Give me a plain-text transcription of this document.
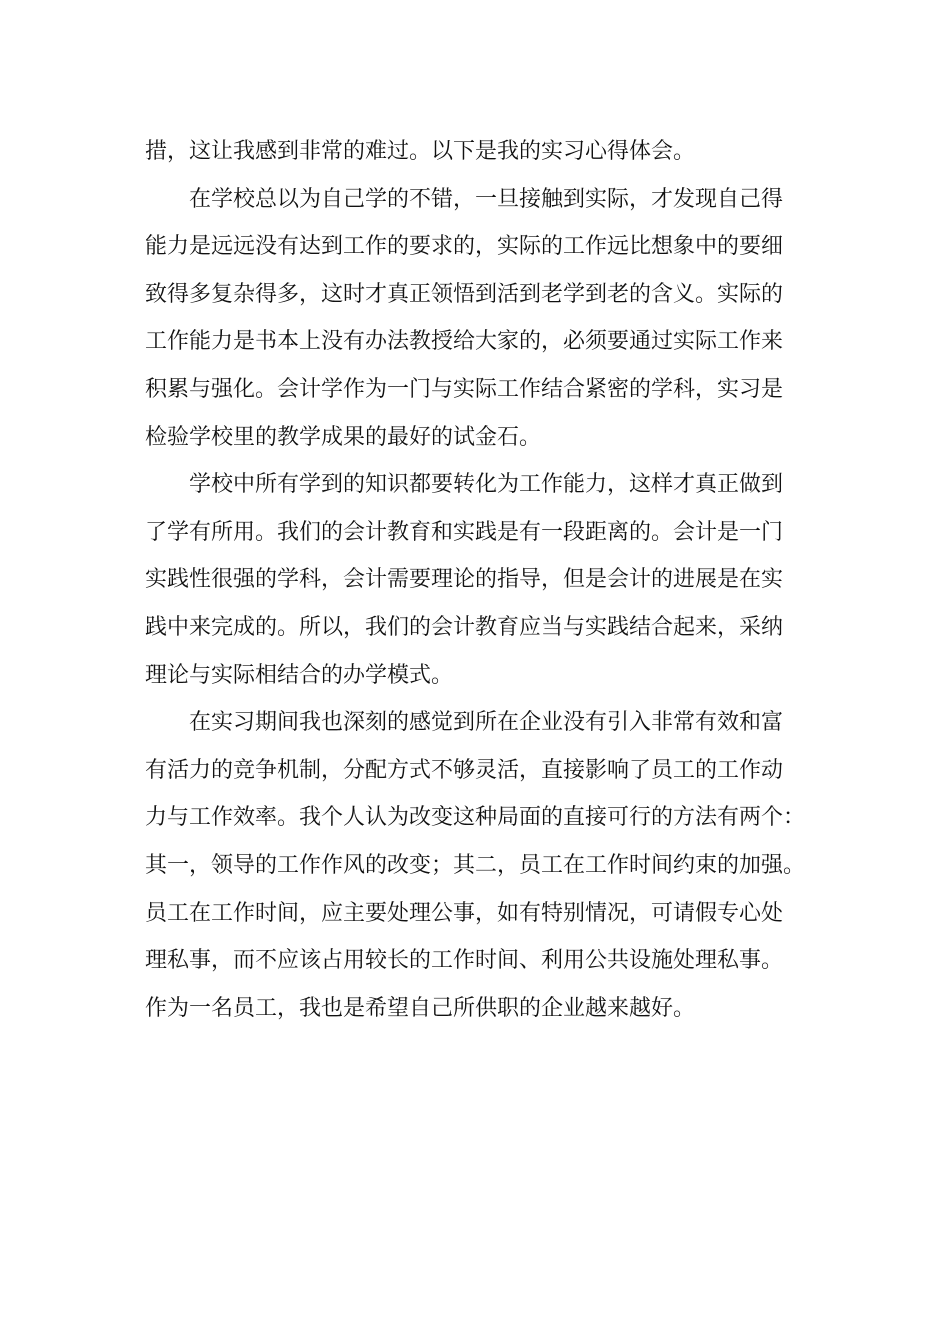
措，这让我感到非常的难过。以下是我的实习心得体会。
在学校总以为自己学的不错，一旦接触到实际，才发现自己得
能力是远远没有达到工作的要求的，实际的工作远比想象中的要细
致得多复杂得多，这时才真正领悟到活到老学到老的含义。实际的
工作能力是书本上没有办法教授给大家的，必须要通过实际工作来
积累与强化。会计学作为一门与实际工作结合紧密的学科，实习是
检验学校里的教学成果的最好的试金石。
学校中所有学到的知识都要转化为工作能力，这样才真正做到
了学有所用。我们的会计教育和实践是有一段距离的。会计是一门
实践性很强的学科，会计需要理论的指导，但是会计的进展是在实
践中来完成的。所以，我们的会计教育应当与实践结合起来，采纳
理论与实际相结合的办学模式。
在实习期间我也深刻的感觉到所在企业没有引入非常有效和富
有活力的竞争机制，分配方式不够灵活，直接影响了员工的工作动
力与工作效率。我个人认为改变这种局面的直接可行的方法有两个：
其一，领导的工作作风的改变；其二，员工在工作时间约束的加强。
员工在工作时间，应主要处理公事，如有特别情况，可请假专心处
理私事，而不应该占用较长的工作时间、利用公共设施处理私事。
作为一名员工，我也是希望自己所供职的企业越来越好。
